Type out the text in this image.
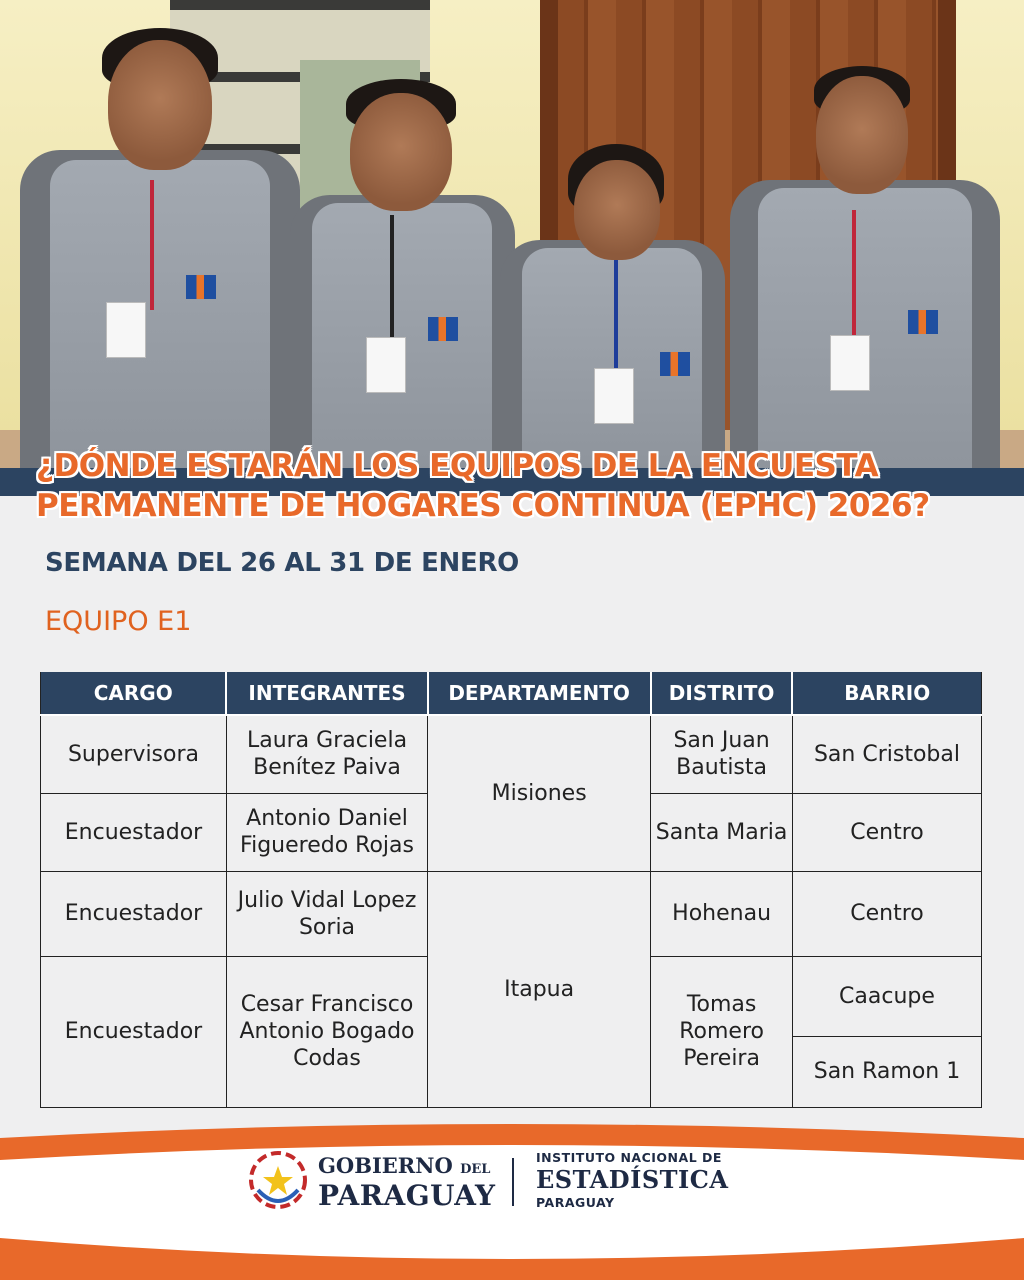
¿DÓNDE ESTARÁN LOS EQUIPOS DE LA ENCUESTA
PERMANENTE DE HOGARES CONTINUA (EPHC) 2026?
SEMANA DEL 26 AL 31 DE ENERO
EQUIPO E1
CARGO	INTEGRANTES	DEPARTAMENTO	DISTRITO	BARRIO
Supervisora	Laura Graciela Benítez Paiva	Misiones	San Juan Bautista	San Cristobal
Encuestador	Antonio Daniel Figueredo Rojas		Santa Maria	Centro
Encuestador	Julio Vidal Lopez Soria	Itapua	Hohenau	Centro
Encuestador	Cesar Francisco Antonio Bogado Codas		Tomas Romero Pereira	Caacupe
				San Ramon 1
GOBIERNO DEL
PARAGUAY
INSTITUTO NACIONAL DE
ESTADÍSTICA
PARAGUAY
